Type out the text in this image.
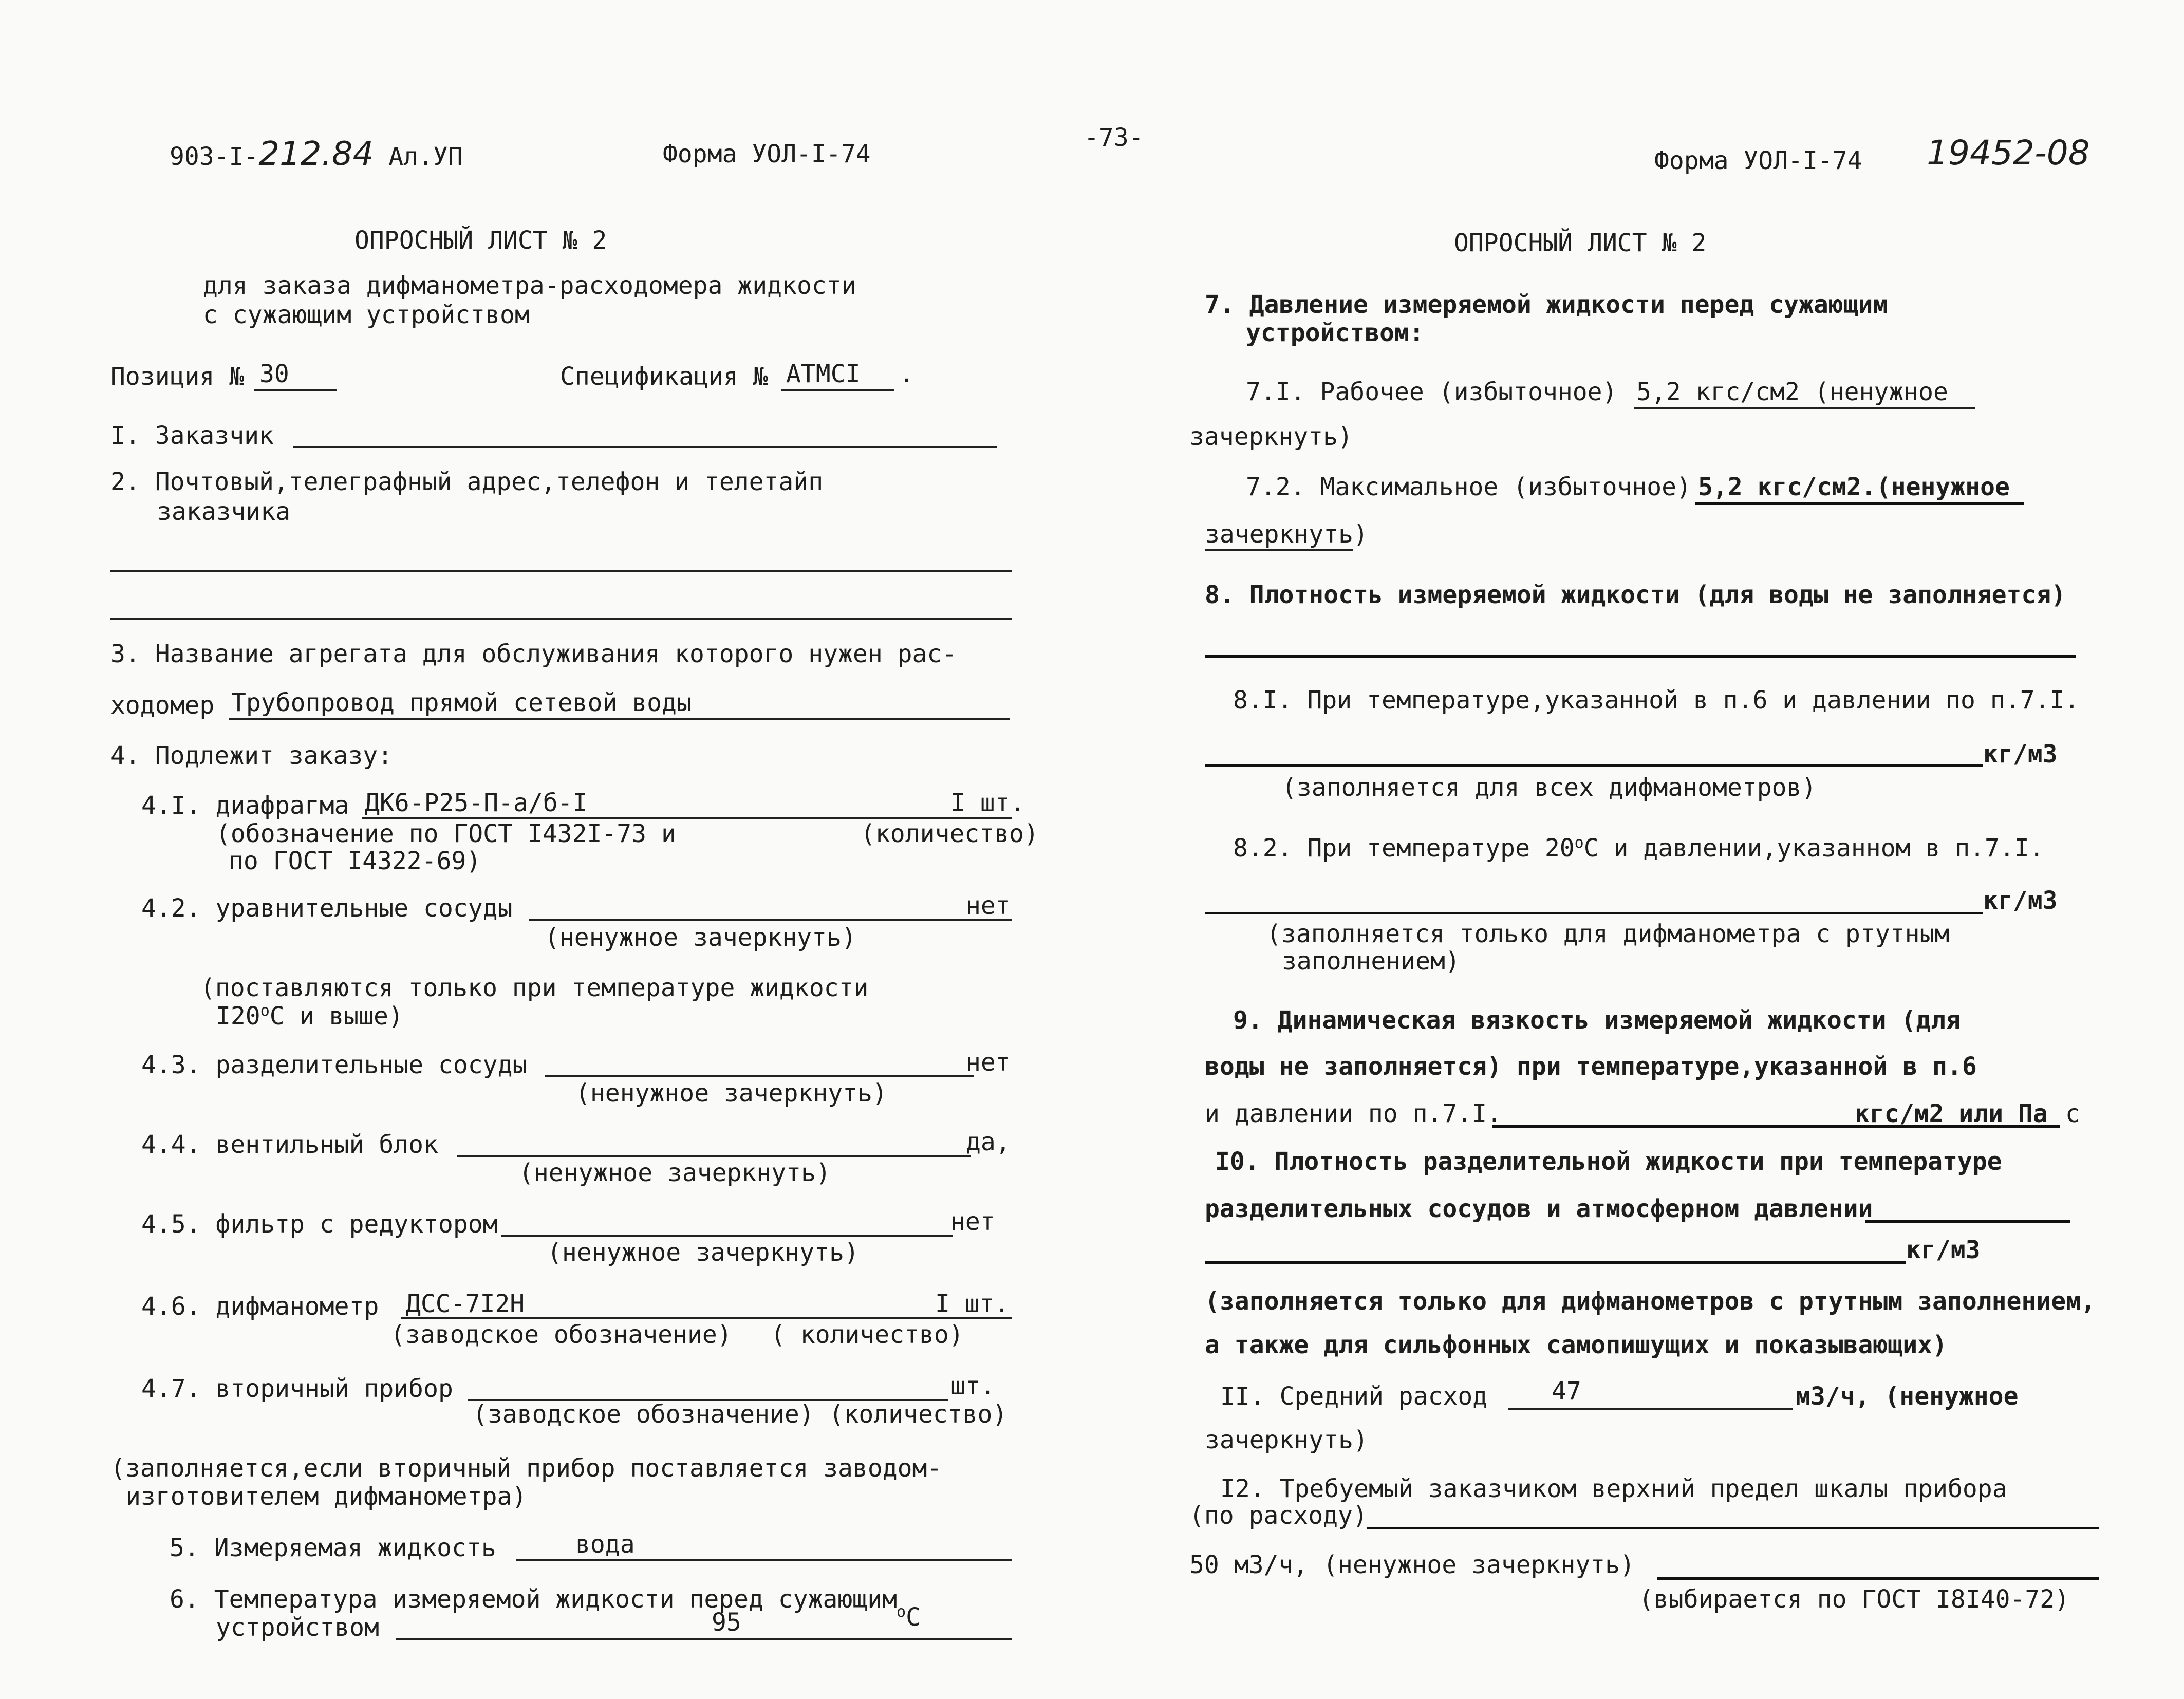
903-I-212.84 Ал.УП	Форма УОЛ-I-74
-73-
Форма УОЛ-I-74 19452-08
ОПРОСНЫЙ ЛИСТ № 2
для заказа дифманометра-расходомера жидкости
с сужающим устройством
Позиция № 30	Спецификация № АТМСI .
I. Заказчик
2. Почтовый,телеграфный адрес,телефон и телетайп
заказчика
3. Название агрегата для обслуживания которого нужен рас-
ходомер Трубопровод прямой сетевой воды
4. Подлежит заказу:
4.I. диафрагма ДК6-Р25-П-а/б-I	I шт.
(обозначение по ГОСТ I432I-73 и
по ГОСТ I4322-69)
(количество)
4.2. уравнительные сосуды	нет
(ненужное зачеркнуть)
(поставляются только при температуре жидкости
I20$^o$С и выше)
4.3. разделительные сосуды	нет
(ненужное зачеркнуть)
4.4. вентильный блок	да,
(ненужное зачеркнуть)
4.5. фильтр с редуктором	нет
(ненужное зачеркнуть)
4.6. дифманометр ДСС-7I2Н	I шт.
(заводское обозначение) ( количество)
4.7. вторичный прибор	шт.
(заводское обозначение) (количество)
(заполняется,если вторичный прибор поставляется заводом-
изготовителем дифманометра)
5. Измеряемая жидкость	вода
6. Температура измеряемой жидкости перед сужающим
устройством	95	$^о$С
ОПРОСНЫЙ ЛИСТ № 2
7. Давление измеряемой жидкости перед сужающим
устройством:
7.I. Рабочее (избыточное) 5,2 кгс/см2 (ненужное
зачеркнуть)
7.2. Максимальное (избыточное) 5,2 кгс/см2.(ненужное
зачеркнуть)
8. Плотность измеряемой жидкости (для воды не заполняется)
8.I. При температуре,указанной в п.6 и давлении по п.7.I.
кг/м3
(заполняется для всех дифманометров)
8.2. При температуре $20^оС$ и давлении,указанном в п.7.I.
кг/м3
(заполняется только для дифманометра с ртутным
заполнением)
9. Динамическая вязкость измеряемой жидкости (для
воды не заполняется) при температуре,указанной в п.6
и давлении по п.7.I.	кгс/м2 или Па с
I0. Плотность разделительной жидкости при температуре
разделительных сосудов и атмосферном давлении
кг/м3
(заполняется только для дифманометров с ртутным заполнением,
а также для сильфонных самопишущих и показывающих)
II. Средний расход	47	м3/ч, (ненужное
зачеркнуть)
I2. Требуемый заказчиком верхний предел шкалы прибора
(по расходу)
50 м3/ч, (ненужное зачеркнуть)
(выбирается по ГОСТ I8I40-72)
